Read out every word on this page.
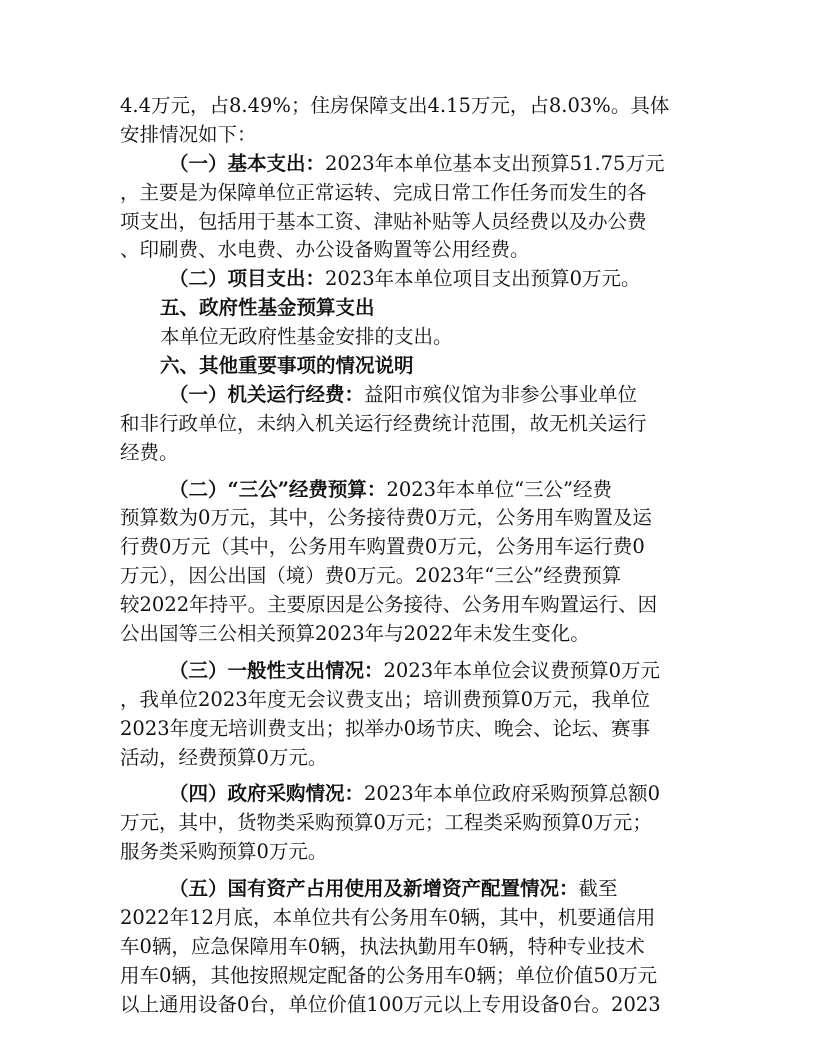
4.4万元，占8.49%；住房保障支出4.15万元，占8.03%。具体

安排情况如下：

（一）基本支出：2023年本单位基本支出预算51.75万元

，主要是为保障单位正常运转、完成日常工作任务而发生的各

项支出，包括用于基本工资、津贴补贴等人员经费以及办公费

、印刷费、水电费、办公设备购置等公用经费。

（二）项目支出：2023年本单位项目支出预算0万元。

五、政府性基金预算支出

本单位无政府性基金安排的支出。

六、其他重要事项的情况说明

（一）机关运行经费：益阳市殡仪馆为非参公事业单位

和非行政单位，未纳入机关运行经费统计范围，故无机关运行

经费。

（二）“三公”经费预算：2023年本单位“三公”经费

预算数为0万元，其中，公务接待费0万元，公务用车购置及运

行费0万元（其中，公务用车购置费0万元，公务用车运行费0

万元），因公出国（境）费0万元。2023年“三公”经费预算

较2022年持平。主要原因是公务接待、公务用车购置运行、因

公出国等三公相关预算2023年与2022年未发生变化。

（三）一般性支出情况：2023年本单位会议费预算0万元

，我单位2023年度无会议费支出；培训费预算0万元，我单位

2023年度无培训费支出；拟举办0场节庆、晚会、论坛、赛事

活动，经费预算0万元。

（四）政府采购情况：2023年本单位政府采购预算总额0

万元，其中，货物类采购预算0万元；工程类采购预算0万元；

服务类采购预算0万元。

（五）国有资产占用使用及新增资产配置情况：截至

2022年12月底，本单位共有公务用车0辆，其中，机要通信用

车0辆，应急保障用车0辆，执法执勤用车0辆，特种专业技术

用车0辆，其他按照规定配备的公务用车0辆；单位价值50万元

以上通用设备0台，单位价值100万元以上专用设备0台。2023
